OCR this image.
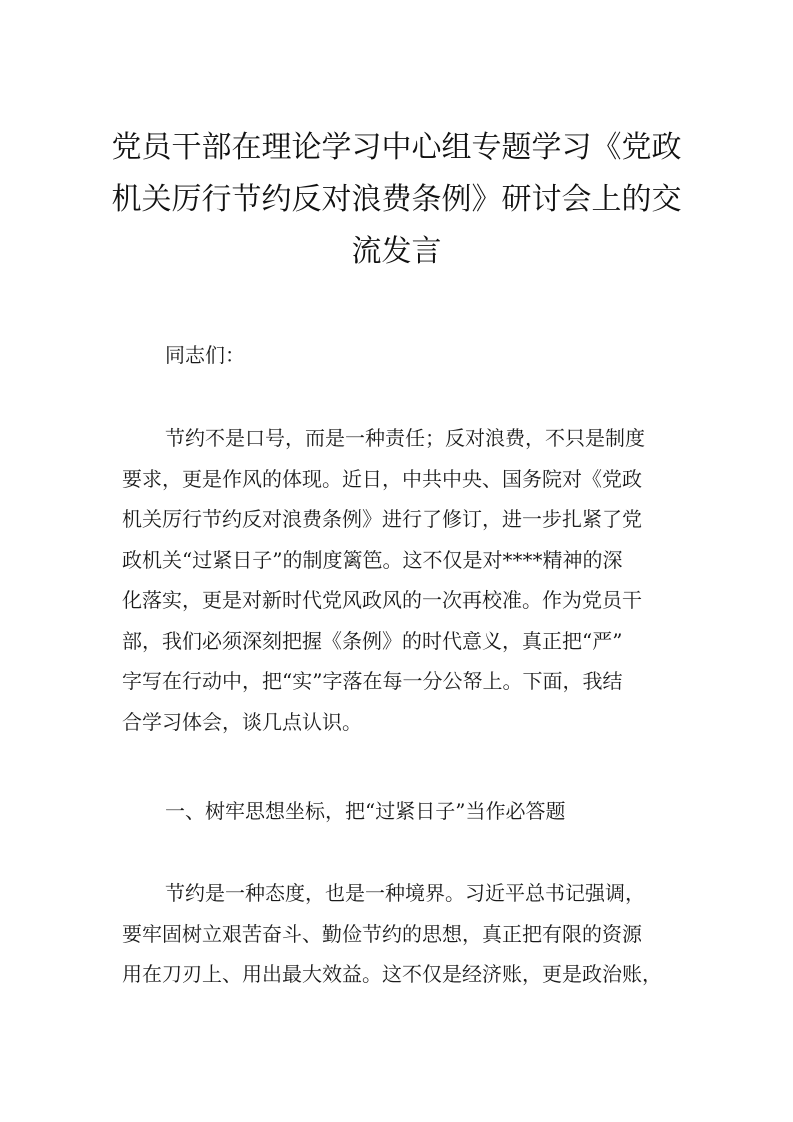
党员干部在理论学习中心组专题学习《党政
机关厉行节约反对浪费条例》研讨会上的交
流发言

同志们：

节约不是口号，而是一种责任；反对浪费，不只是制度
要求，更是作风的体现。近日，中共中央、国务院对《党政
机关厉行节约反对浪费条例》进行了修订，进一步扎紧了党
政机关“过紧日子”的制度篱笆。这不仅是对****精神的深
化落实，更是对新时代党风政风的一次再校准。作为党员干
部，我们必须深刻把握《条例》的时代意义，真正把“严”
字写在行动中，把“实”字落在每一分公帑上。下面，我结
合学习体会，谈几点认识。

一、树牢思想坐标，把“过紧日子”当作必答题

节约是一种态度，也是一种境界。习近平总书记强调，
要牢固树立艰苦奋斗、勤俭节约的思想，真正把有限的资源
用在刀刃上、用出最大效益。这不仅是经济账，更是政治账，
